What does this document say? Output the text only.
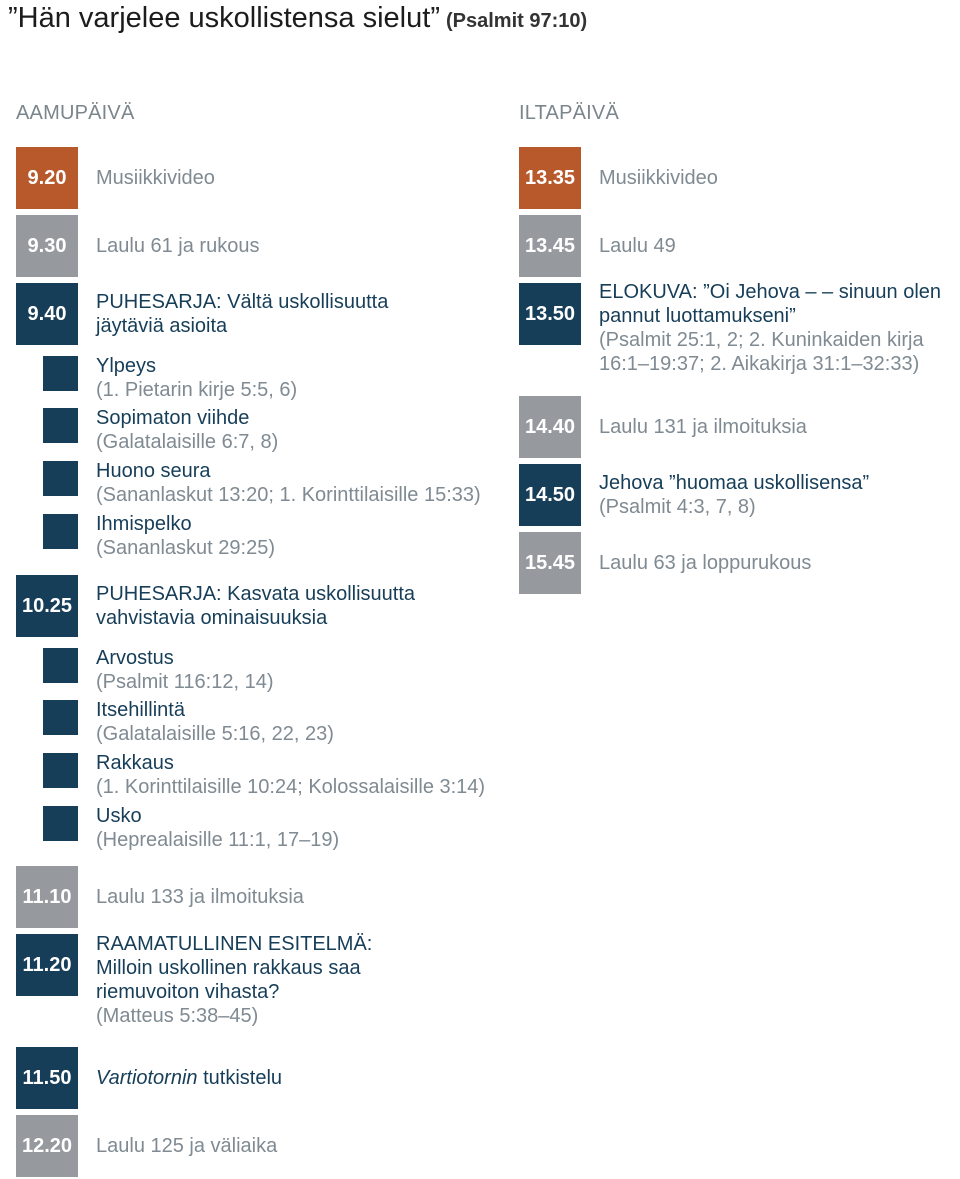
”Hän varjelee uskollistensa sielut” (Psalmit 97:10)
AAMUPÄIVÄ	ILTAPÄIVÄ
9.20	Musiikkivideo
9.30	Laulu 61 ja rukous
9.40
PUHESARJA: Vältä uskollisuutta
jäytäviä asioita
Ylpeys
(1. Pietarin kirje 5:5, 6)
Sopimaton viihde
(Galatalaisille 6:7, 8)
Huono seura
(Sananlaskut 13:20; 1. Korinttilaisille 15:33)
Ihmispelko
(Sananlaskut 29:25)
10.25
PUHESARJA: Kasvata uskollisuutta
vahvistavia ominaisuuksia
Arvostus
(Psalmit 116:12, 14)
Itsehillintä
(Galatalaisille 5:16, 22, 23)
Rakkaus
(1. Korinttilaisille 10:24; Kolossalaisille 3:14)
Usko
(Heprealaisille 11:1, 17–19)
11.10	Laulu 133 ja ilmoituksia
11.20
RAAMATULLINEN ESITELMÄ:
Milloin uskollinen rakkaus saa
riemuvoiton vihasta?
(Matteus 5:38–45)
11.50	Vartiotornin tutkistelu
12.20 Laulu 125 ja väliaika
13.35 Musiikkivideo
13.45 Laulu 49
13.50
ELOKUVA: ”Oi Jehova – – sinuun olen
pannut luottamukseni”
(Psalmit 25:1, 2; 2. Kuninkaiden kirja
16:1–19:37; 2. Aikakirja 31:1–32:33)
14.40 Laulu 131 ja ilmoituksia
14.50
Jehova ”huomaa uskollisensa”
(Psalmit 4:3, 7, 8)
15.45 Laulu 63 ja loppurukous
